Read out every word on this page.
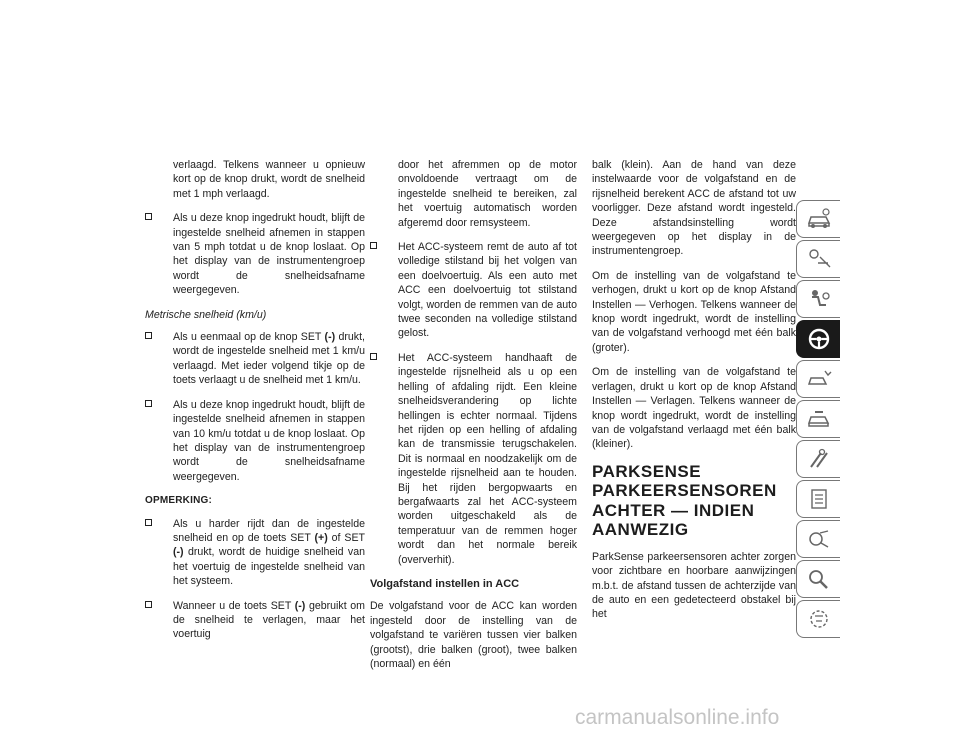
verlaagd. Telkens wanneer u opnieuw kort op de knop drukt, wordt de snelheid met 1 mph verlaagd.

Als u deze knop ingedrukt houdt, blijft de ingestelde snelheid afnemen in stappen van 5 mph totdat u de knop loslaat. Op het display van de instrumentengroep wordt de snelheidsafname weergegeven.
Metrische snelheid (km/u)
Als u eenmaal op de knop SET (-) drukt, wordt de ingestelde snelheid met 1 km/u verlaagd. Met ieder volgend tikje op de toets verlaagt u de snelheid met 1 km/u.
Als u deze knop ingedrukt houdt, blijft de ingestelde snelheid afnemen in stappen van 10 km/u totdat u de knop loslaat. Op het display van de instrumentengroep wordt de snelheidsafname weergegeven.
OPMERKING:
Als u harder rijdt dan de ingestelde snelheid en op de toets SET (+) of SET (-) drukt, wordt de huidige snelheid van het voertuig de ingestelde snelheid van het systeem.
Wanneer u de toets SET (-) gebruikt om de snelheid te verlagen, maar het voertuig

door het afremmen op de motor onvoldoende vertraagt om de ingestelde snelheid te bereiken, zal het voertuig automatisch worden afgeremd door remsysteem.

Het ACC-systeem remt de auto af tot volledige stilstand bij het volgen van een doelvoertuig. Als een auto met ACC een doelvoertuig tot stilstand volgt, worden de remmen van de auto twee seconden na volledige stilstand gelost.
Het ACC-systeem handhaaft de ingestelde rijsnelheid als u op een helling of afdaling rijdt. Een kleine snelheidsverandering op lichte hellingen is echter normaal. Tijdens het rijden op een helling of afdaling kan de transmissie terugschakelen. Dit is normaal en noodzakelijk om de ingestelde rijsnelheid aan te houden. Bij het rijden bergopwaarts en bergafwaarts zal het ACC-systeem worden uitgeschakeld als de temperatuur van de remmen hoger wordt dan het normale bereik (oververhit).
Volgafstand instellen in ACC

De volgafstand voor de ACC kan worden ingesteld door de instelling van de volgafstand te variëren tussen vier balken (grootst), drie balken (groot), twee balken (normaal) en één

balk (klein). Aan de hand van deze instelwaarde voor de volgafstand en de rijsnelheid berekent ACC de afstand tot uw voorligger. Deze afstand wordt ingesteld. Deze afstandsinstelling wordt weergegeven op het display in de instrumentengroep.

Om de instelling van de volgafstand te verhogen, drukt u kort op de knop Afstand Instellen — Verhogen. Telkens wanneer de knop wordt ingedrukt, wordt de instelling van de volgafstand verhoogd met één balk (groter).

Om de instelling van de volgafstand te verlagen, drukt u kort op de knop Afstand Instellen — Verlagen. Telkens wanneer de knop wordt ingedrukt, wordt de instelling van de volgafstand verlaagd met één balk (kleiner).

PARKSENSE PARKEERSENSOREN ACHTER — INDIEN AANWEZIG

ParkSense parkeersensoren achter zorgen voor zichtbare en hoorbare aanwijzingen m.b.t. de afstand tussen de achterzijde van de auto en een gedetecteerd obstakel bij het

carmanualsonline.info
